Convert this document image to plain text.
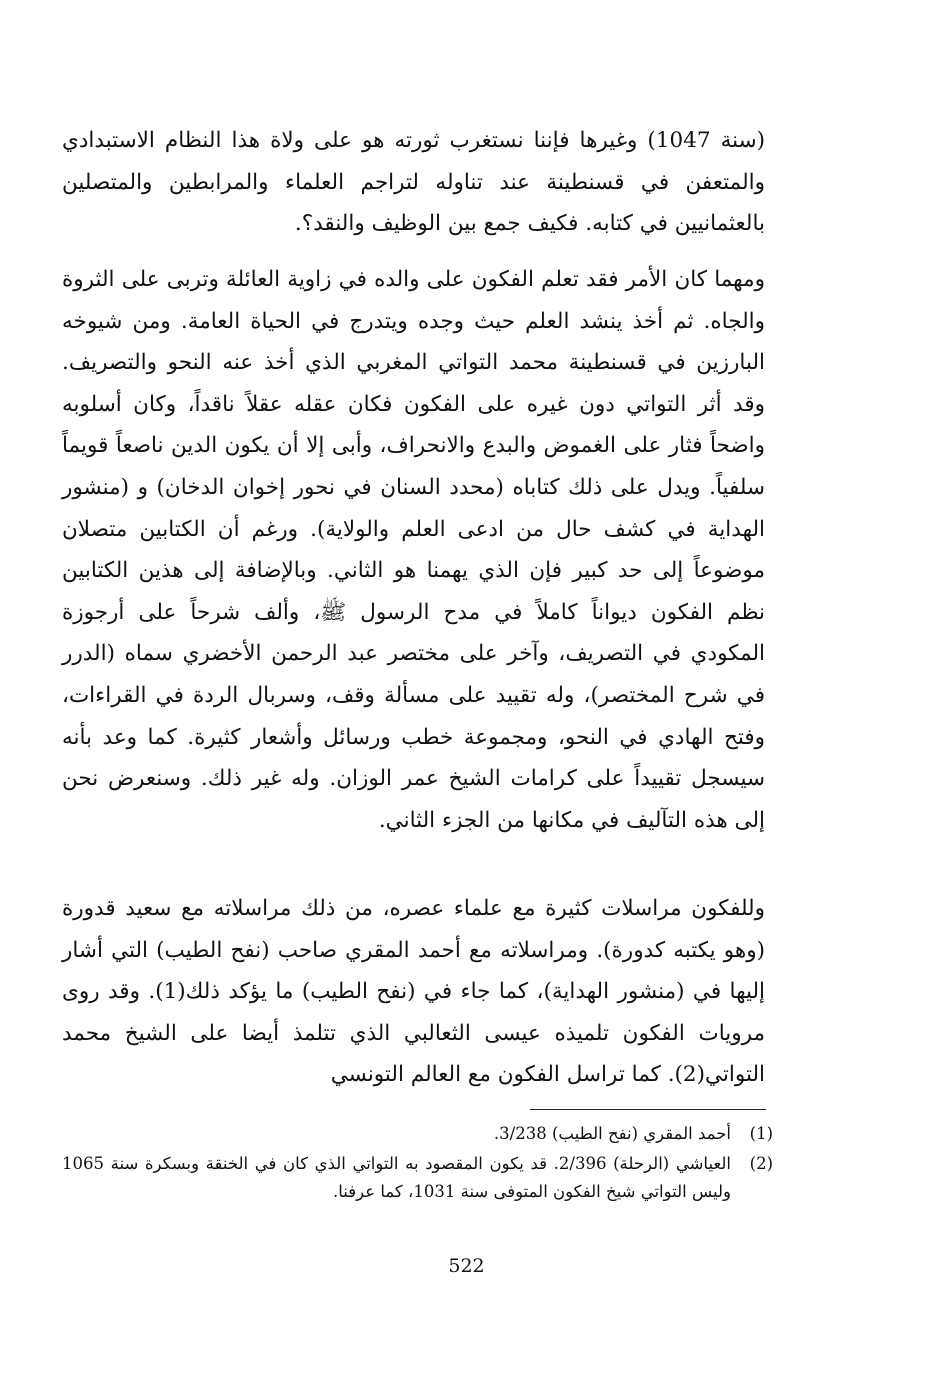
(سنة 1047) وغيرها فإننا نستغرب ثورته هو على ولاة هذا النظام الاستبدادي والمتعفن في قسنطينة عند تناوله لتراجم العلماء والمرابطين والمتصلين بالعثمانيين في كتابه. فكيف جمع بين الوظيف والنقد؟.

ومهما كان الأمر فقد تعلم الفكون على والده في زاوية العائلة وتربى على الثروة والجاه. ثم أخذ ينشد العلم حيث وجده ويتدرج في الحياة العامة. ومن شيوخه البارزين في قسنطينة محمد التواتي المغربي الذي أخذ عنه النحو والتصريف. وقد أثر التواتي دون غيره على الفكون فكان عقله عقلاً ناقداً، وكان أسلوبه واضحاً فثار على الغموض والبدع والانحراف، وأبى إلا أن يكون الدين ناصعاً قويماً سلفياً. ويدل على ذلك كتاباه (محدد السنان في نحور إخوان الدخان) و (منشور الهداية في كشف حال من ادعى العلم والولاية). ورغم أن الكتابين متصلان موضوعاً إلى حد كبير فإن الذي يهمنا هو الثاني. وبالإضافة إلى هذين الكتابين نظم الفكون ديواناً كاملاً في مدح الرسول ﷺ، وألف شرحاً على أرجوزة المكودي في التصريف، وآخر على مختصر عبد الرحمن الأخضري سماه (الدرر في شرح المختصر)، وله تقييد على مسألة وقف، وسربال الردة في القراءات، وفتح الهادي في النحو، ومجموعة خطب ورسائل وأشعار كثيرة. كما وعد بأنه سيسجل تقييداً على كرامات الشيخ عمر الوزان. وله غير ذلك. وسنعرض نحن إلى هذه التآليف في مكانها من الجزء الثاني.

وللفكون مراسلات كثيرة مع علماء عصره، من ذلك مراسلاته مع سعيد قدورة (وهو يكتبه كدورة). ومراسلاته مع أحمد المقري صاحب (نفح الطيب) التي أشار إليها في (منشور الهداية)، كما جاء في (نفح الطيب) ما يؤكد ذلك(1). وقد روى مرويات الفكون تلميذه عيسى الثعالبي الذي تتلمذ أيضا على الشيخ محمد التواتي(2). كما تراسل الفكون مع العالم التونسي

(1)
أحمد المقري (نفح الطيب) 3/238.
(2)
العياشي (الرحلة) 2/396. قد يكون المقصود به التواتي الذي كان في الخنقة وبسكرة سنة 1065 وليس التواتي شيخ الفكون المتوفى سنة 1031، كما عرفنا.
522
